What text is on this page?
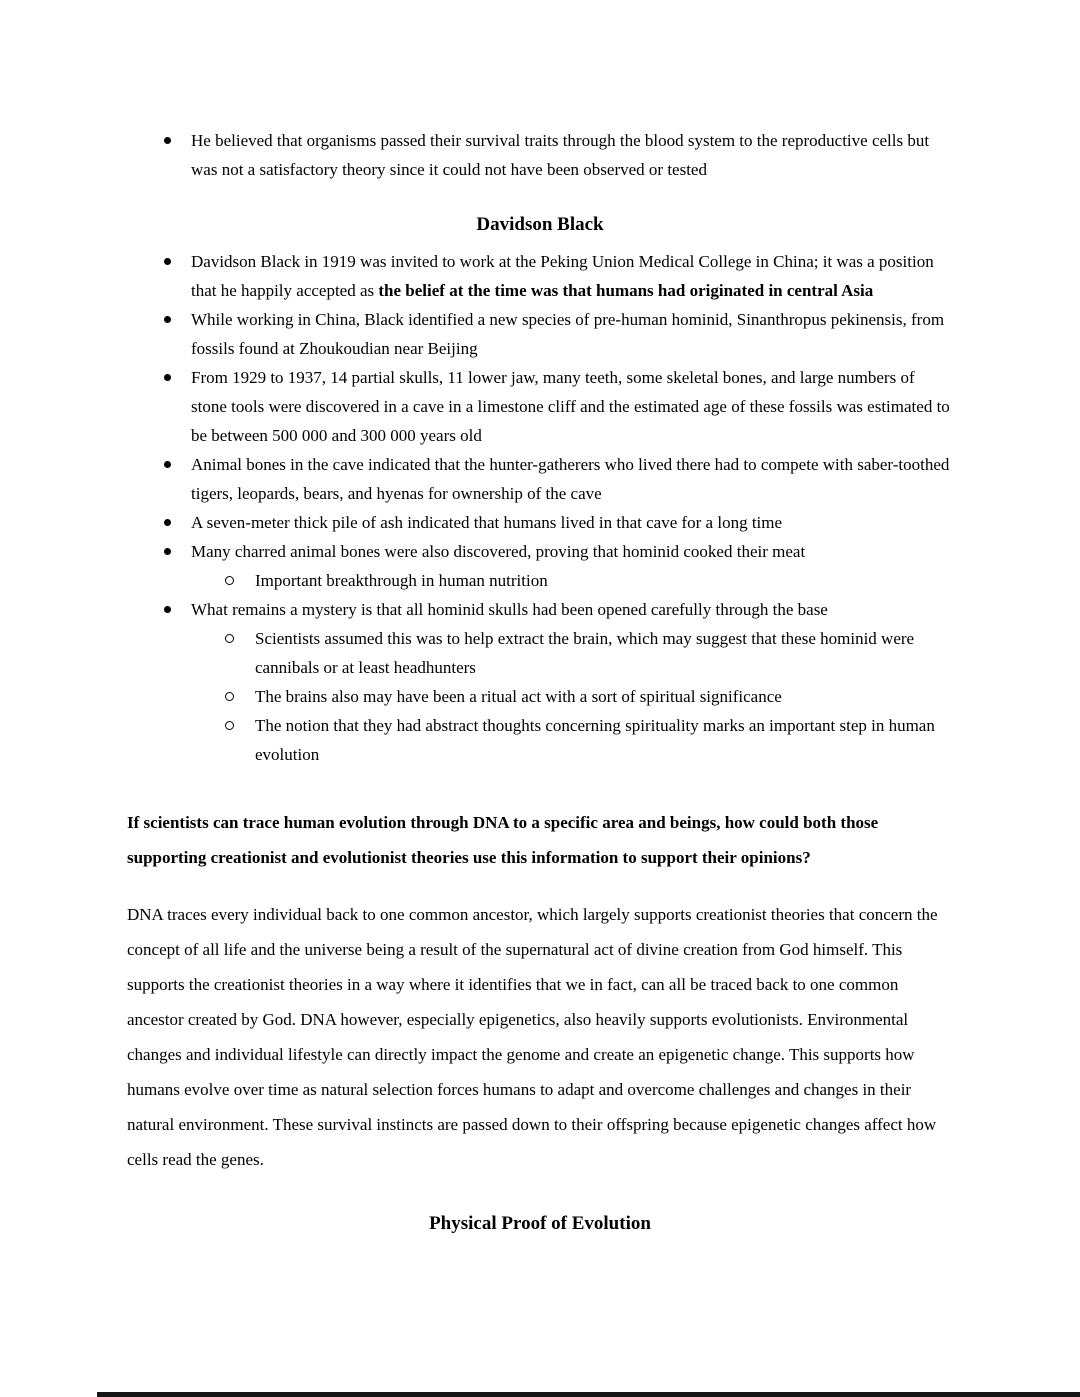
He believed that organisms passed their survival traits through the blood system to the reproductive cells but was not a satisfactory theory since it could not have been observed or tested
Davidson Black
Davidson Black in 1919 was invited to work at the Peking Union Medical College in China; it was a position that he happily accepted as the belief at the time was that humans had originated in central Asia
While working in China, Black identified a new species of pre-human hominid, Sinanthropus pekinensis, from fossils found at Zhoukoudian near Beijing
From 1929 to 1937, 14 partial skulls, 11 lower jaw, many teeth, some skeletal bones, and large numbers of stone tools were discovered in a cave in a limestone cliff and the estimated age of these fossils was estimated to be between 500 000 and 300 000 years old
Animal bones in the cave indicated that the hunter-gatherers who lived there had to compete with saber-toothed tigers, leopards, bears, and hyenas for ownership of the cave
A seven-meter thick pile of ash indicated that humans lived in that cave for a long time
Many charred animal bones were also discovered, proving that hominid cooked their meat
Important breakthrough in human nutrition
What remains a mystery is that all hominid skulls had been opened carefully through the base
Scientists assumed this was to help extract the brain, which may suggest that these hominid were cannibals or at least headhunters
The brains also may have been a ritual act with a sort of spiritual significance
The notion that they had abstract thoughts concerning spirituality marks an important step in human evolution

If scientists can trace human evolution through DNA to a specific area and beings, how could both those supporting creationist and evolutionist theories use this information to support their opinions?

DNA traces every individual back to one common ancestor, which largely supports creationist theories that concern the concept of all life and the universe being a result of the supernatural act of divine creation from God himself. This supports the creationist theories in a way where it identifies that we in fact, can all be traced back to one common ancestor created by God. DNA however, especially epigenetics, also heavily supports evolutionists. Environmental changes and individual lifestyle can directly impact the genome and create an epigenetic change. This supports how humans evolve over time as natural selection forces humans to adapt and overcome challenges and changes in their natural environment. These survival instincts are passed down to their offspring because epigenetic changes affect how cells read the genes.

Physical Proof of Evolution
